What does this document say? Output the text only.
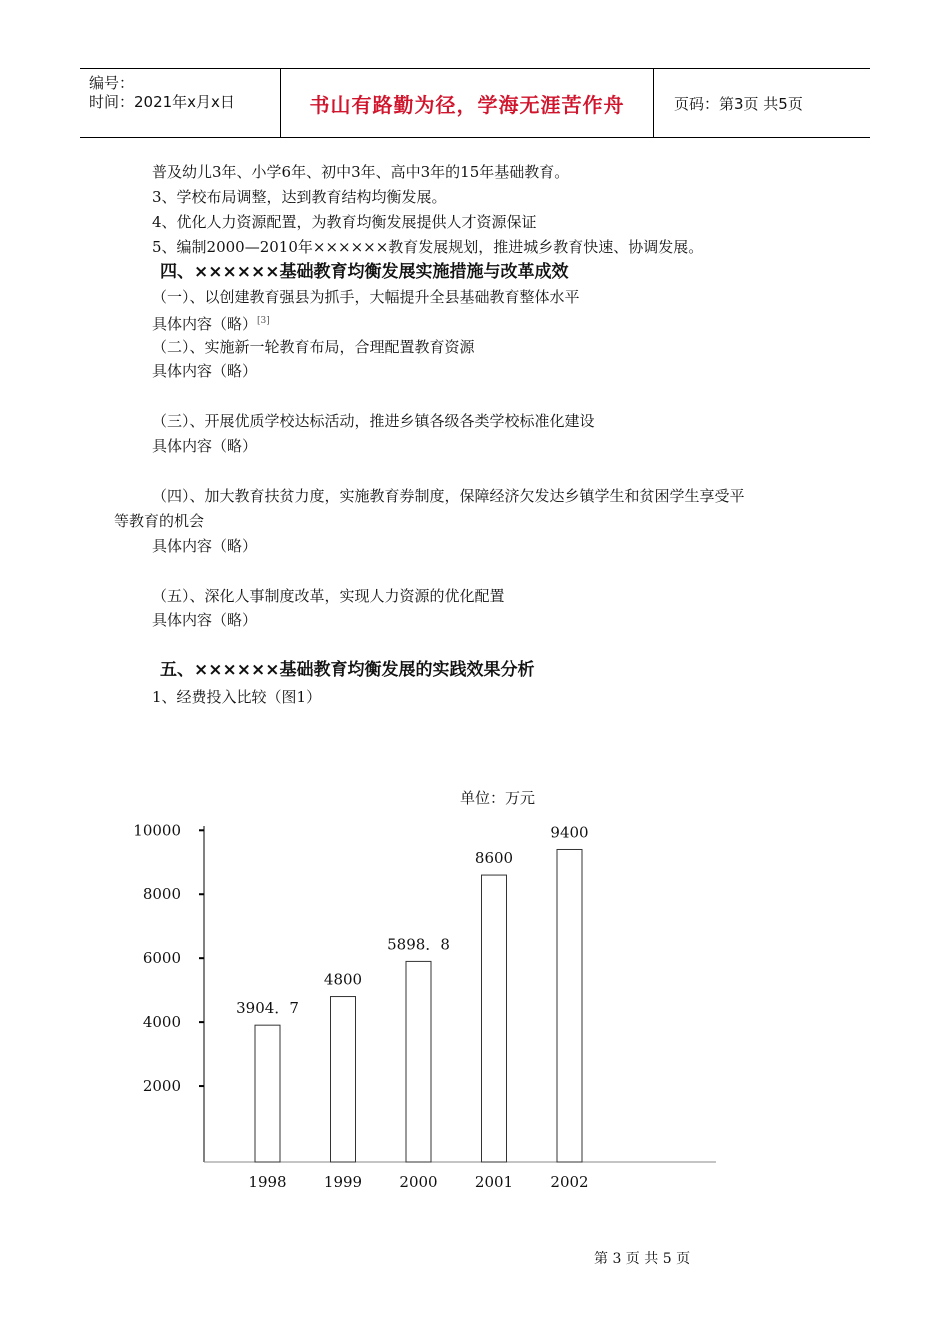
编号：
时间：2021年x月x日	书山有路勤为径，学海无涯苦作舟	页码：第3页 共5页
普及幼儿3年、小学6年、初中3年、高中3年的15年基础教育。
3、学校布局调整，达到教育结构均衡发展。
4、优化人力资源配置，为教育均衡发展提供人才资源保证
5、编制2000—2010年××××××教育发展规划，推进城乡教育快速、协调发展。
四、××××××基础教育均衡发展实施措施与改革成效
（一）、以创建教育强县为抓手，大幅提升全县基础教育整体水平
具体内容（略）[3]
（二）、实施新一轮教育布局，合理配置教育资源
具体内容（略）
（三）、开展优质学校达标活动，推进乡镇各级各类学校标准化建设
具体内容（略）
（四）、加大教育扶贫力度，实施教育券制度，保障经济欠发达乡镇学生和贫困学生享受平
等教育的机会
具体内容（略）
（五）、深化人事制度改革，实现人力资源的优化配置
具体内容（略）
五、××××××基础教育均衡发展的实践效果分析
1、经费投入比较（图1）
单位：万元
2000
4000
6000
8000
10000
3904．7
1998
4800
1999
5898．8
2000
8600
2001
9400
2002
第 3 页 共 5 页
